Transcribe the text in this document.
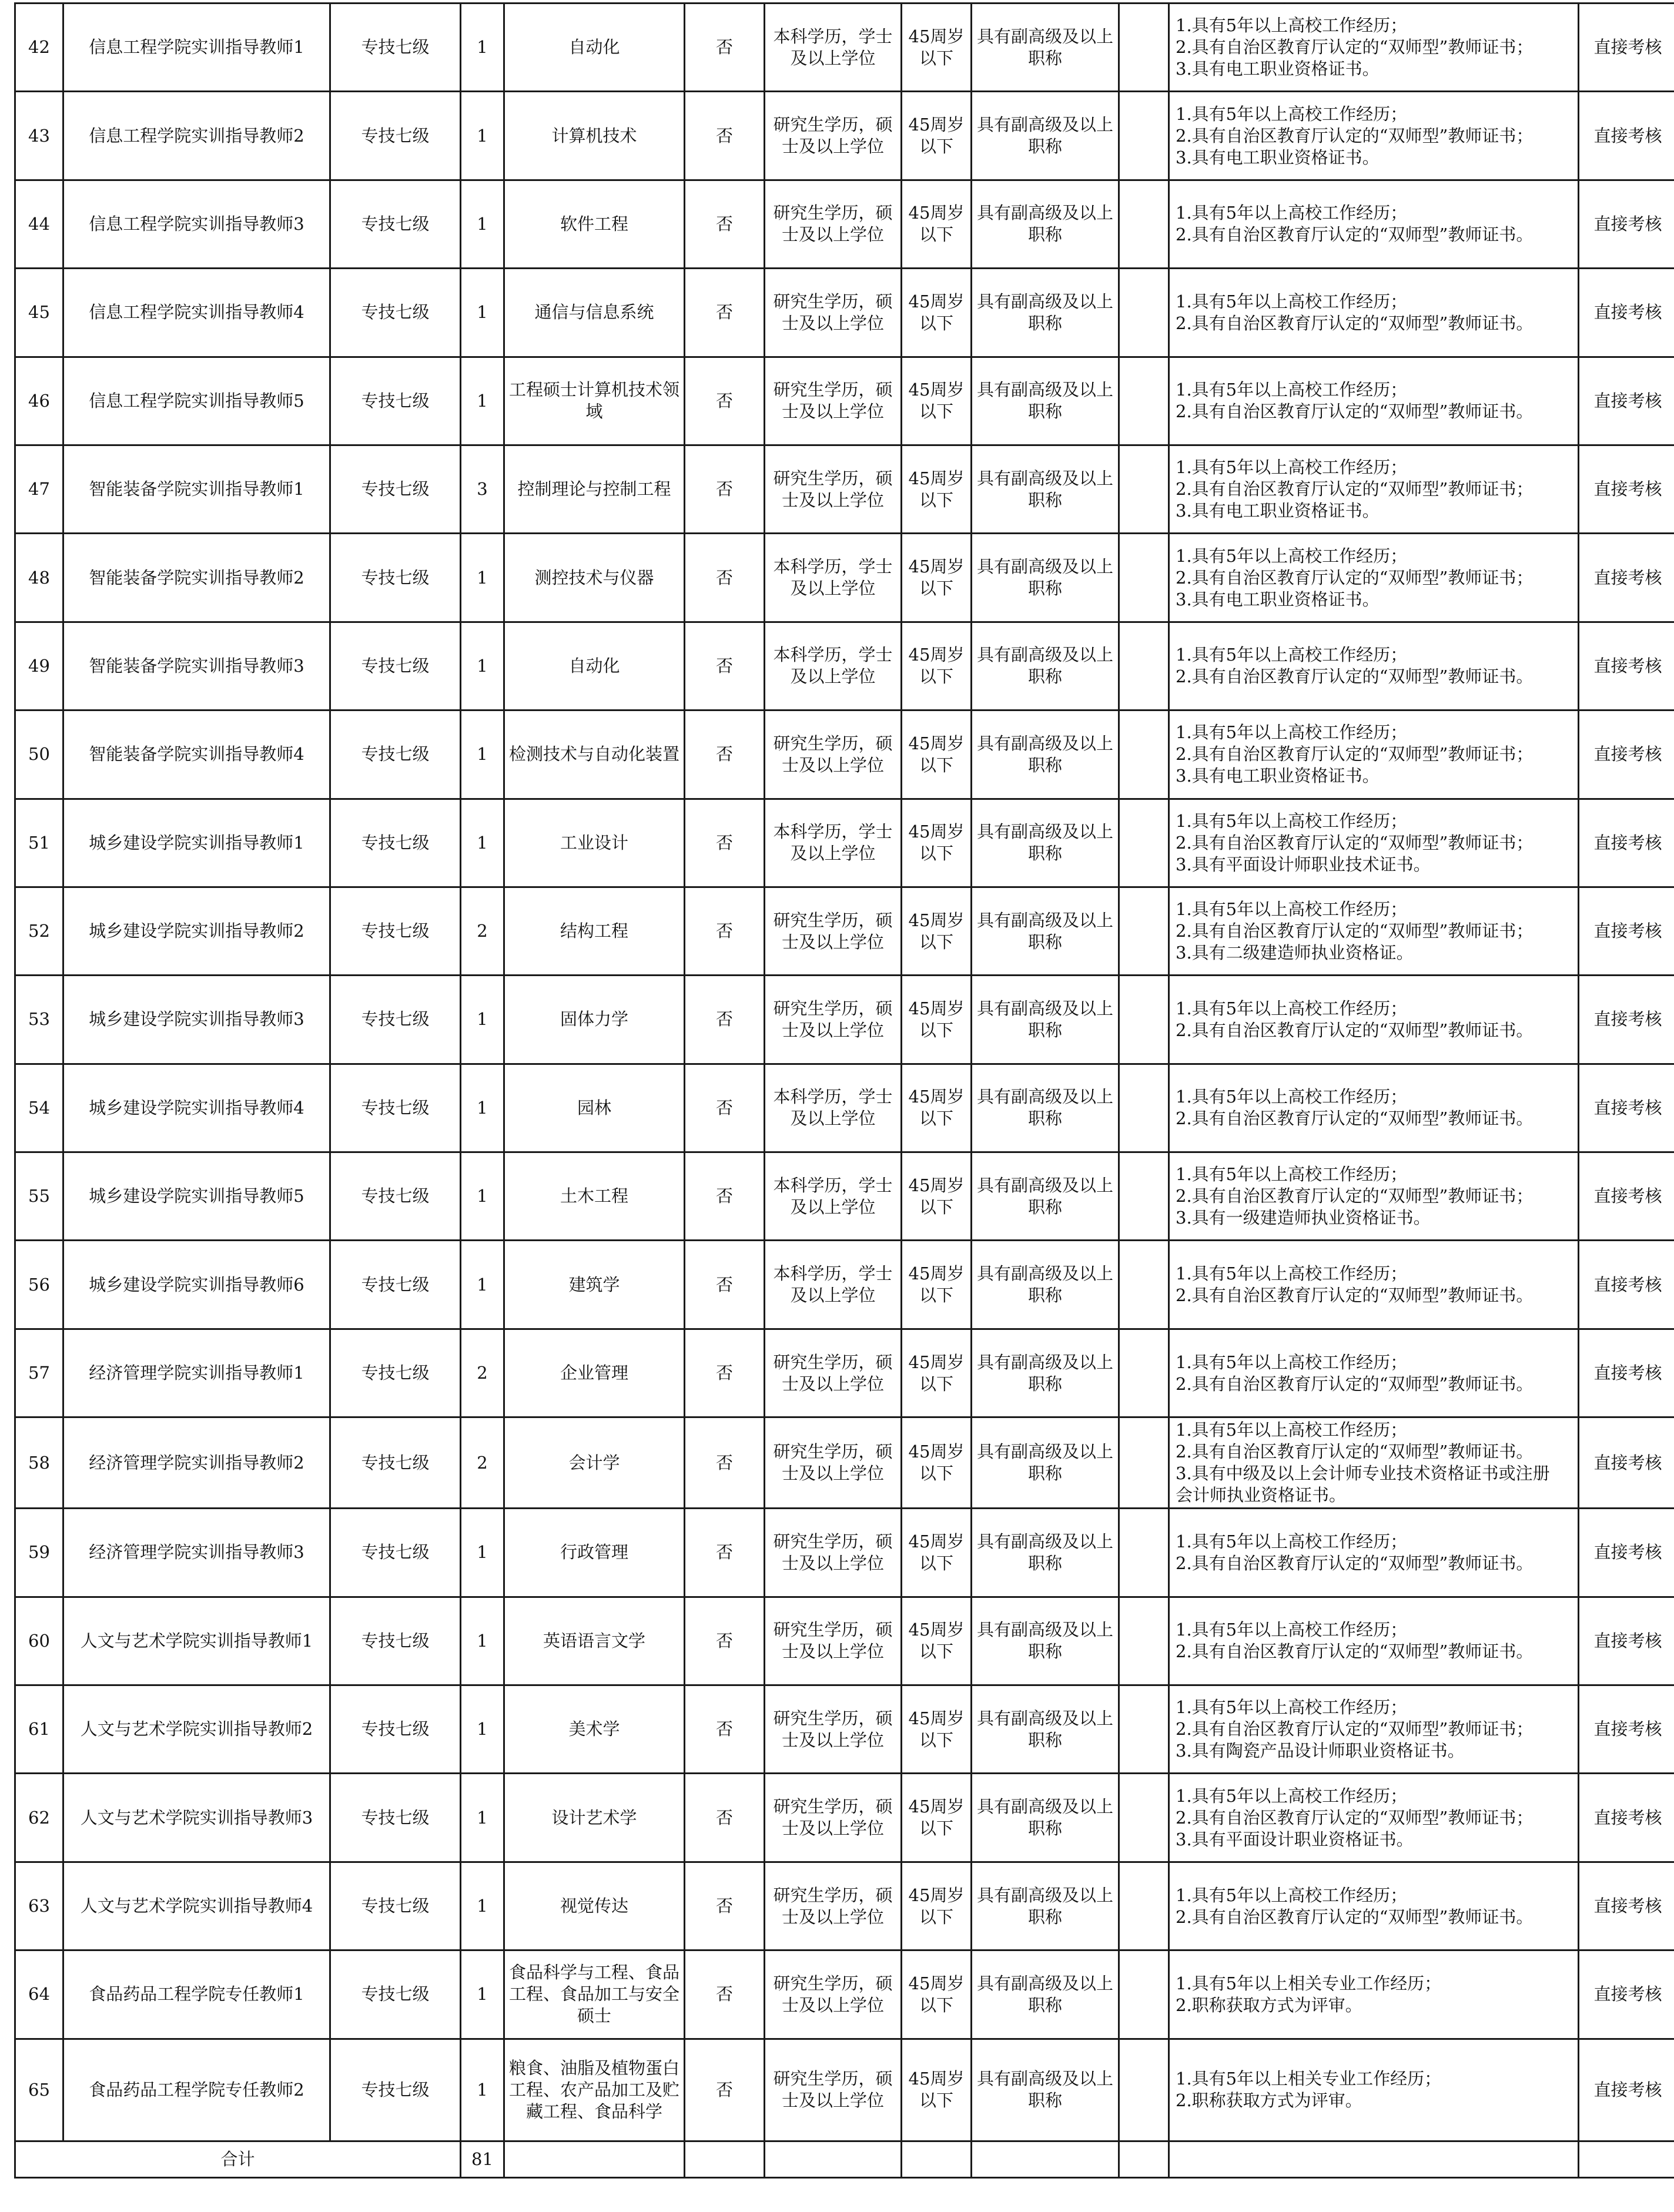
42	信息工程学院实训指导教师1	专技七级	1	自动化	否	本科学历，学士及以上学位	45周岁以下	具有副高级及以上职称		1.具有5年以上高校工作经历；
2.具有自治区教育厅认定的“双师型”教师证书；
3.具有电工职业资格证书。	直接考核
43	信息工程学院实训指导教师2	专技七级	1	计算机技术	否	研究生学历，硕士及以上学位	45周岁以下	具有副高级及以上职称		1.具有5年以上高校工作经历；
2.具有自治区教育厅认定的“双师型”教师证书；
3.具有电工职业资格证书。	直接考核
44	信息工程学院实训指导教师3	专技七级	1	软件工程	否	研究生学历，硕士及以上学位	45周岁以下	具有副高级及以上职称		1.具有5年以上高校工作经历；
2.具有自治区教育厅认定的“双师型”教师证书。	直接考核
45	信息工程学院实训指导教师4	专技七级	1	通信与信息系统	否	研究生学历，硕士及以上学位	45周岁以下	具有副高级及以上职称		1.具有5年以上高校工作经历；
2.具有自治区教育厅认定的“双师型”教师证书。	直接考核
46	信息工程学院实训指导教师5	专技七级	1	工程硕士计算机技术领域	否	研究生学历，硕士及以上学位	45周岁以下	具有副高级及以上职称		1.具有5年以上高校工作经历；
2.具有自治区教育厅认定的“双师型”教师证书。	直接考核
47	智能装备学院实训指导教师1	专技七级	3	控制理论与控制工程	否	研究生学历，硕士及以上学位	45周岁以下	具有副高级及以上职称		1.具有5年以上高校工作经历；
2.具有自治区教育厅认定的“双师型”教师证书；
3.具有电工职业资格证书。	直接考核
48	智能装备学院实训指导教师2	专技七级	1	测控技术与仪器	否	本科学历，学士及以上学位	45周岁以下	具有副高级及以上职称		1.具有5年以上高校工作经历；
2.具有自治区教育厅认定的“双师型”教师证书；
3.具有电工职业资格证书。	直接考核
49	智能装备学院实训指导教师3	专技七级	1	自动化	否	本科学历，学士及以上学位	45周岁以下	具有副高级及以上职称		1.具有5年以上高校工作经历；
2.具有自治区教育厅认定的“双师型”教师证书。	直接考核
50	智能装备学院实训指导教师4	专技七级	1	检测技术与自动化装置	否	研究生学历，硕士及以上学位	45周岁以下	具有副高级及以上职称		1.具有5年以上高校工作经历；
2.具有自治区教育厅认定的“双师型”教师证书；
3.具有电工职业资格证书。	直接考核
51	城乡建设学院实训指导教师1	专技七级	1	工业设计	否	本科学历，学士及以上学位	45周岁以下	具有副高级及以上职称		1.具有5年以上高校工作经历；
2.具有自治区教育厅认定的“双师型”教师证书；
3.具有平面设计师职业技术证书。	直接考核
52	城乡建设学院实训指导教师2	专技七级	2	结构工程	否	研究生学历，硕士及以上学位	45周岁以下	具有副高级及以上职称		1.具有5年以上高校工作经历；
2.具有自治区教育厅认定的“双师型”教师证书；
3.具有二级建造师执业资格证。	直接考核
53	城乡建设学院实训指导教师3	专技七级	1	固体力学	否	研究生学历，硕士及以上学位	45周岁以下	具有副高级及以上职称		1.具有5年以上高校工作经历；
2.具有自治区教育厅认定的“双师型”教师证书。	直接考核
54	城乡建设学院实训指导教师4	专技七级	1	园林	否	本科学历，学士及以上学位	45周岁以下	具有副高级及以上职称		1.具有5年以上高校工作经历；
2.具有自治区教育厅认定的“双师型”教师证书。	直接考核
55	城乡建设学院实训指导教师5	专技七级	1	土木工程	否	本科学历，学士及以上学位	45周岁以下	具有副高级及以上职称		1.具有5年以上高校工作经历；
2.具有自治区教育厅认定的“双师型”教师证书；
3.具有一级建造师执业资格证书。	直接考核
56	城乡建设学院实训指导教师6	专技七级	1	建筑学	否	本科学历，学士及以上学位	45周岁以下	具有副高级及以上职称		1.具有5年以上高校工作经历；
2.具有自治区教育厅认定的“双师型”教师证书。	直接考核
57	经济管理学院实训指导教师1	专技七级	2	企业管理	否	研究生学历，硕士及以上学位	45周岁以下	具有副高级及以上职称		1.具有5年以上高校工作经历；
2.具有自治区教育厅认定的“双师型”教师证书。	直接考核
58	经济管理学院实训指导教师2	专技七级	2	会计学	否	研究生学历，硕士及以上学位	45周岁以下	具有副高级及以上职称		1.具有5年以上高校工作经历；
2.具有自治区教育厅认定的“双师型”教师证书。
3.具有中级及以上会计师专业技术资格证书或注册
会计师执业资格证书。	直接考核
59	经济管理学院实训指导教师3	专技七级	1	行政管理	否	研究生学历，硕士及以上学位	45周岁以下	具有副高级及以上职称		1.具有5年以上高校工作经历；
2.具有自治区教育厅认定的“双师型”教师证书。	直接考核
60	人文与艺术学院实训指导教师1	专技七级	1	英语语言文学	否	研究生学历，硕士及以上学位	45周岁以下	具有副高级及以上职称		1.具有5年以上高校工作经历；
2.具有自治区教育厅认定的“双师型”教师证书。	直接考核
61	人文与艺术学院实训指导教师2	专技七级	1	美术学	否	研究生学历，硕士及以上学位	45周岁以下	具有副高级及以上职称		1.具有5年以上高校工作经历；
2.具有自治区教育厅认定的“双师型”教师证书；
3.具有陶瓷产品设计师职业资格证书。	直接考核
62	人文与艺术学院实训指导教师3	专技七级	1	设计艺术学	否	研究生学历，硕士及以上学位	45周岁以下	具有副高级及以上职称		1.具有5年以上高校工作经历；
2.具有自治区教育厅认定的“双师型”教师证书；
3.具有平面设计职业资格证书。	直接考核
63	人文与艺术学院实训指导教师4	专技七级	1	视觉传达	否	研究生学历，硕士及以上学位	45周岁以下	具有副高级及以上职称		1.具有5年以上高校工作经历；
2.具有自治区教育厅认定的“双师型”教师证书。	直接考核
64	食品药品工程学院专任教师1	专技七级	1	食品科学与工程、食品工程、食品加工与安全硕士	否	研究生学历，硕士及以上学位	45周岁以下	具有副高级及以上职称		1.具有5年以上相关专业工作经历；
2.职称获取方式为评审。	直接考核
65	食品药品工程学院专任教师2	专技七级	1	粮食、油脂及植物蛋白工程、农产品加工及贮藏工程、食品科学	否	研究生学历，硕士及以上学位	45周岁以下	具有副高级及以上职称		1.具有5年以上相关专业工作经历；
2.职称获取方式为评审。	直接考核
合计			81								
